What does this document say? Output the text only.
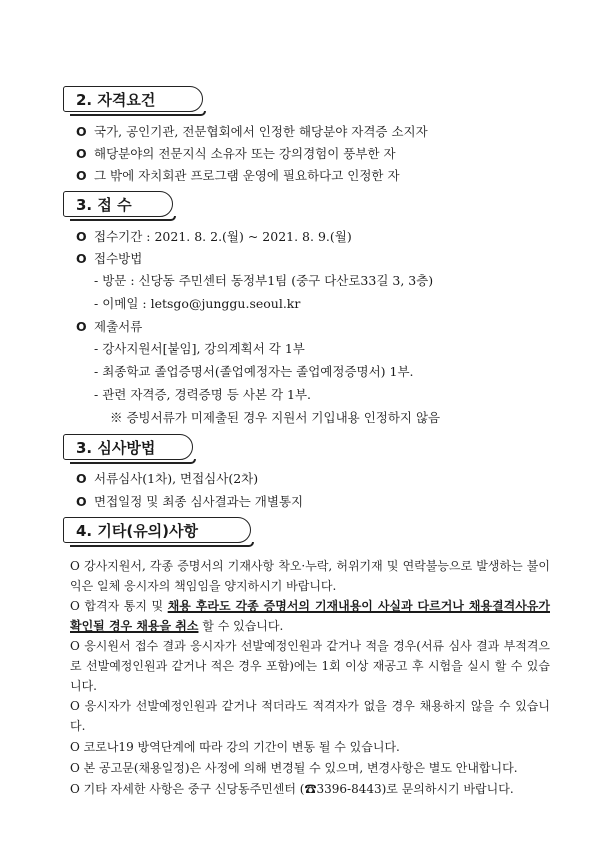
2. 자격요건
O 국가, 공인기관, 전문협회에서 인정한 해당분야 자격증 소지자
O 해당분야의 전문지식 소유자 또는 강의경험이 풍부한 자
O 그 밖에 자치회관 프로그램 운영에 필요하다고 인정한 자
3. 접 수
O 접수기간 : 2021. 8. 2.(월) ~ 2021. 8. 9.(월)
O 접수방법
- 방문 : 신당동 주민센터 동정부1팀 (중구 다산로33길 3, 3층)
- 이메일 : letsgo@junggu.seoul.kr
O 제출서류
- 강사지원서[붙임], 강의계획서 각 1부
- 최종학교 졸업증명서(졸업예정자는 졸업예정증명서) 1부.
- 관련 자격증, 경력증명 등 사본 각 1부.
※ 증빙서류가 미제출된 경우 지원서 기입내용 인정하지 않음
3. 심사방법
O 서류심사(1차), 면접심사(2차)
O 면접일정 및 최종 심사결과는 개별통지
4. 기타(유의)사항
O 강사지원서, 각종 증명서의 기재사항 착오·누락, 허위기재 및 연락불능으로 발생하는 불이익은 일체 응시자의 책임임을 양지하시기 바랍니다.
O 합격자 통지 및 채용 후라도 각종 증명서의 기재내용이 사실과 다르거나 채용결격사유가 확인될 경우 채용을 취소 할 수 있습니다.
O 응시원서 접수 결과 응시자가 선발예정인원과 같거나 적을 경우(서류 심사 결과 부적격으로 선발예정인원과 같거나 적은 경우 포함)에는 1회 이상 재공고 후 시험을 실시 할 수 있습니다.
O 응시자가 선발예정인원과 같거나 적더라도 적격자가 없을 경우 채용하지 않을 수 있습니다.
O 코로나19 방역단계에 따라 강의 기간이 변동 될 수 있습니다.
O 본 공고문(채용일정)은 사정에 의해 변경될 수 있으며, 변경사항은 별도 안내합니다.
O 기타 자세한 사항은 중구 신당동주민센터 (☎3396-8443)로 문의하시기 바랍니다.
